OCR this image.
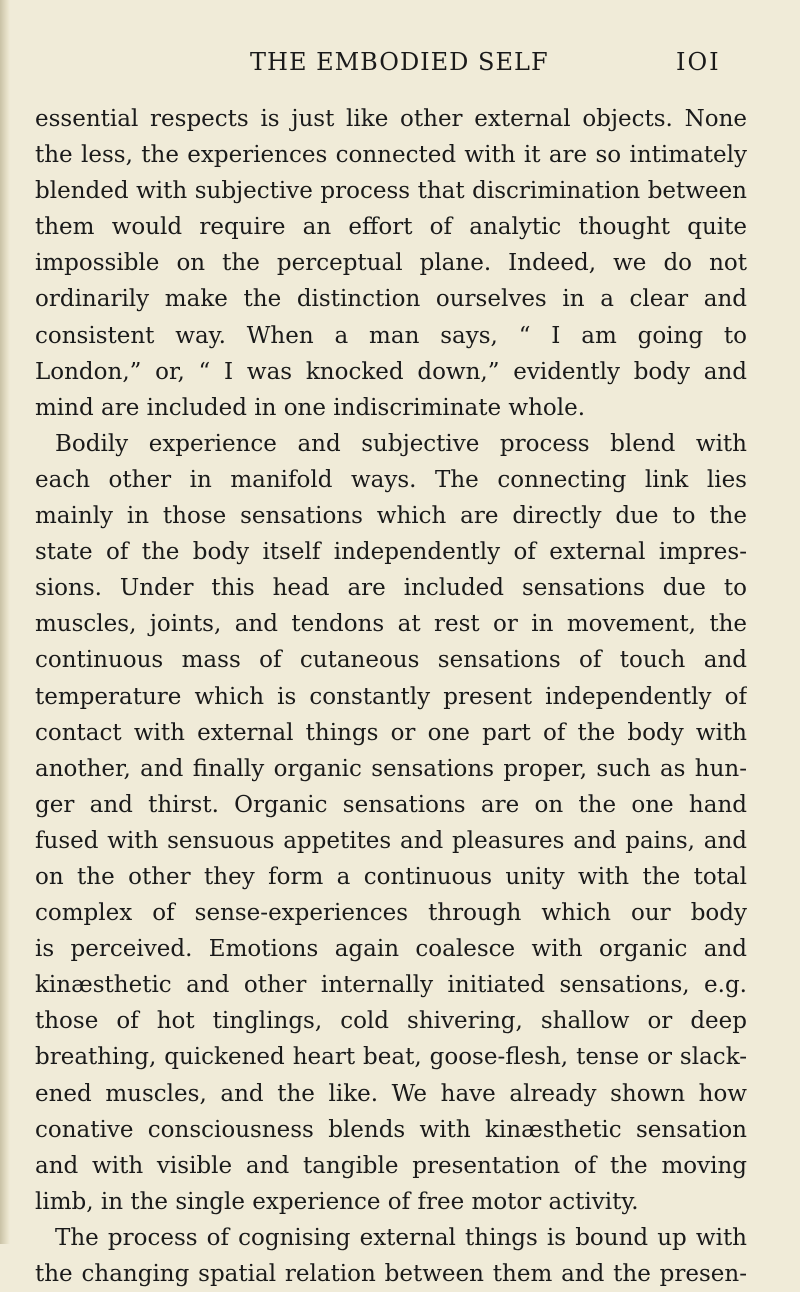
THE EMBODIED SELF	IOI
essential respects is just like other external objects. None
the less, the experiences connected with it are so intimately
blended with subjective process that discrimination between
them would require an effort of analytic thought quite
impossible on the perceptual plane. Indeed, we do not
ordinarily make the distinction ourselves in a clear and
consistent way. When a man says, “ I am going to
London,” or, “ I was knocked down,” evidently body and
mind are included in one indiscriminate whole.
Bodily experience and subjective process blend with
each other in manifold ways. The connecting link lies
mainly in those sensations which are directly due to the
state of the body itself independently of external impres-
sions. Under this head are included sensations due to
muscles, joints, and tendons at rest or in movement, the
continuous mass of cutaneous sensations of touch and
temperature which is constantly present independently of
contact with external things or one part of the body with
another, and finally organic sensations proper, such as hun-
ger and thirst. Organic sensations are on the one hand
fused with sensuous appetites and pleasures and pains, and
on the other they form a continuous unity with the total
complex of sense-experiences through which our body
is perceived. Emotions again coalesce with organic and
kinæsthetic and other internally initiated sensations, e.g.
those of hot tinglings, cold shivering, shallow or deep
breathing, quickened heart beat, goose-flesh, tense or slack-
ened muscles, and the like. We have already shown how
conative consciousness blends with kinæsthetic sensation
and with visible and tangible presentation of the moving
limb, in the single experience of free motor activity.
The process of cognising external things is bound up with
the changing spatial relation between them and the presen-
